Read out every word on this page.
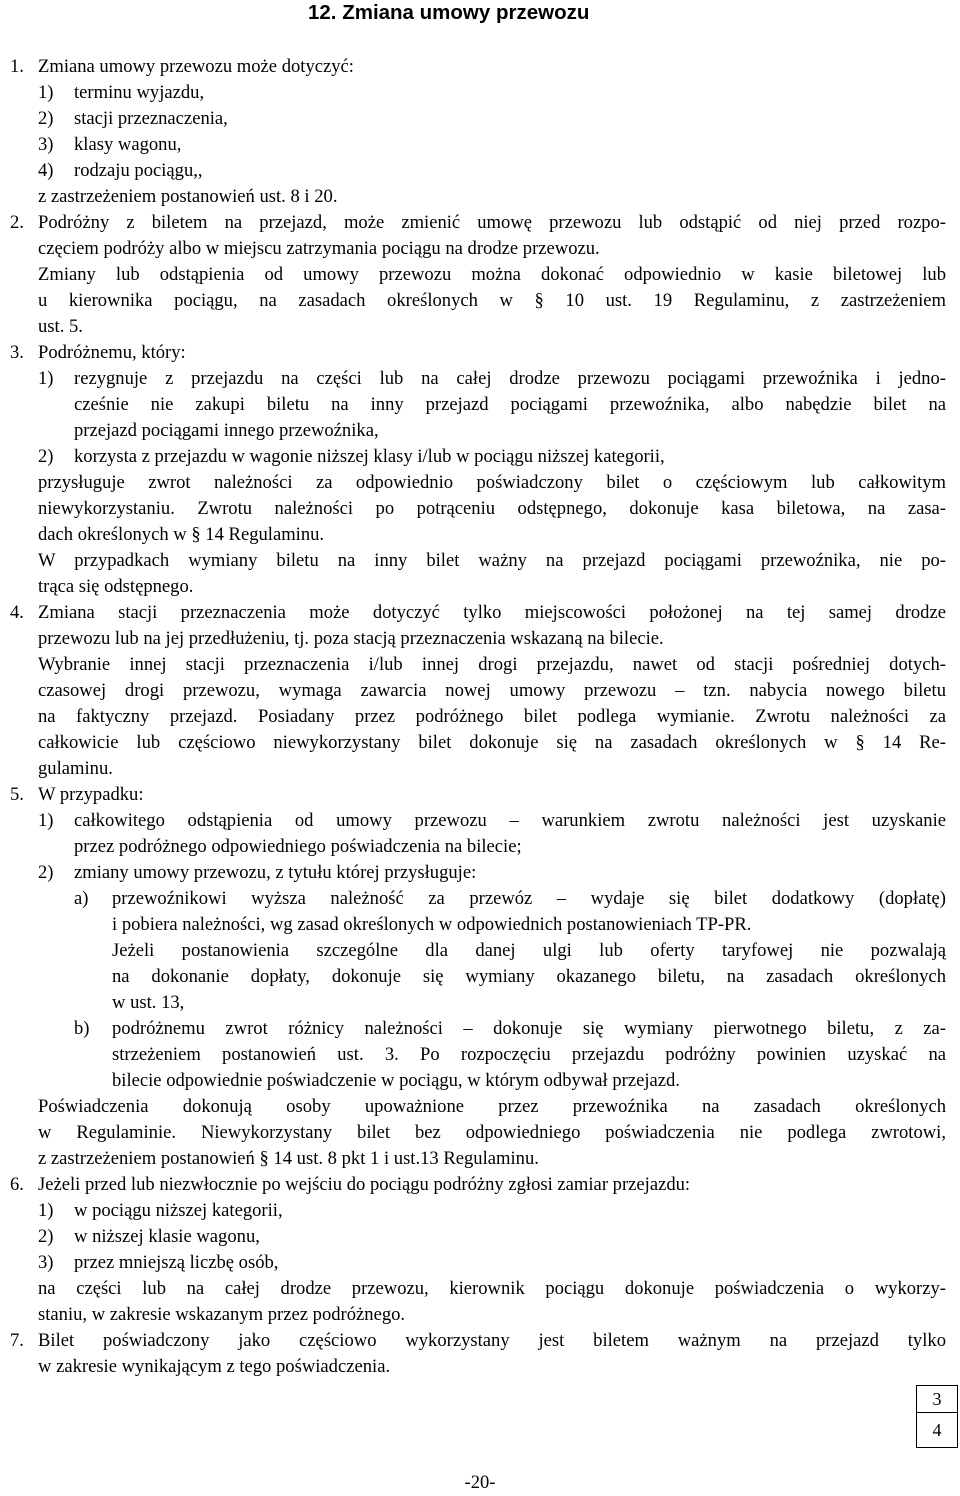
12. Zmiana umowy przewozu
1. Zmiana umowy przewozu może dotyczyć:
1) terminu wyjazdu,
2) stacji przeznaczenia,
3) klasy wagonu,
4) rodzaju pociągu,,
z zastrzeżeniem postanowień ust. 8 i 20.
2. Podróżny z biletem na przejazd, może zmienić umowę przewozu lub odstąpić od niej przed rozpo-
częciem podróży albo w miejscu zatrzymania pociągu na drodze przewozu.
Zmiany lub odstąpienia od umowy przewozu można dokonać odpowiednio w kasie biletowej lub
u kierownika pociągu, na zasadach określonych w § 10 ust. 19 Regulaminu, z zastrzeżeniem
ust. 5.
3. Podróżnemu, który:
1) rezygnuje z przejazdu na części lub na całej drodze przewozu pociągami przewoźnika i jedno-
cześnie nie zakupi biletu na inny przejazd pociągami przewoźnika, albo nabędzie bilet na
przejazd pociągami innego przewoźnika,
2) korzysta z przejazdu w wagonie niższej klasy i/lub w pociągu niższej kategorii,
przysługuje zwrot należności za odpowiednio poświadczony bilet o częściowym lub całkowitym
niewykorzystaniu. Zwrotu należności po potrąceniu odstępnego, dokonuje kasa biletowa, na zasa-
dach określonych w § 14 Regulaminu.
W przypadkach wymiany biletu na inny bilet ważny na przejazd pociągami przewoźnika, nie po-
trąca się odstępnego.
4. Zmiana stacji przeznaczenia może dotyczyć tylko miejscowości położonej na tej samej drodze
przewozu lub na jej przedłużeniu, tj. poza stacją przeznaczenia wskazaną na bilecie.
Wybranie innej stacji przeznaczenia i/lub innej drogi przejazdu, nawet od stacji pośredniej dotych-
czasowej drogi przewozu, wymaga zawarcia nowej umowy przewozu – tzn. nabycia nowego biletu
na faktyczny przejazd. Posiadany przez podróżnego bilet podlega wymianie. Zwrotu należności za
całkowicie lub częściowo niewykorzystany bilet dokonuje się na zasadach określonych w § 14 Re-
gulaminu.
5. W przypadku:
1) całkowitego odstąpienia od umowy przewozu – warunkiem zwrotu należności jest uzyskanie
przez podróżnego odpowiedniego poświadczenia na bilecie;
2) zmiany umowy przewozu, z tytułu której przysługuje:
a) przewoźnikowi wyższa należność za przewóz – wydaje się bilet dodatkowy (dopłatę)
i pobiera należności, wg zasad określonych w odpowiednich postanowieniach TP-PR.
Jeżeli postanowienia szczególne dla danej ulgi lub oferty taryfowej nie pozwalają
na dokonanie dopłaty, dokonuje się wymiany okazanego biletu, na zasadach określonych
w ust. 13,
b) podróżnemu zwrot różnicy należności – dokonuje się wymiany pierwotnego biletu, z za-
strzeżeniem postanowień ust. 3. Po rozpoczęciu przejazdu podróżny powinien uzyskać na
bilecie odpowiednie poświadczenie w pociągu, w którym odbywał przejazd.
Poświadczenia dokonują osoby upoważnione przez przewoźnika na zasadach określonych
w Regulaminie. Niewykorzystany bilet bez odpowiedniego poświadczenia nie podlega zwrotowi,
z zastrzeżeniem postanowień § 14 ust. 8 pkt 1 i ust.13 Regulaminu.
6. Jeżeli przed lub niezwłocznie po wejściu do pociągu podróżny zgłosi zamiar przejazdu:
1) w pociągu niższej kategorii,
2) w niższej klasie wagonu,
3) przez mniejszą liczbę osób,
na części lub na całej drodze przewozu, kierownik pociągu dokonuje poświadczenia o wykorzy-
staniu, w zakresie wskazanym przez podróżnego.
7. Bilet poświadczony jako częściowo wykorzystany jest biletem ważnym na przejazd tylko
w zakresie wynikającym z tego poświadczenia.
3
4
-20-
